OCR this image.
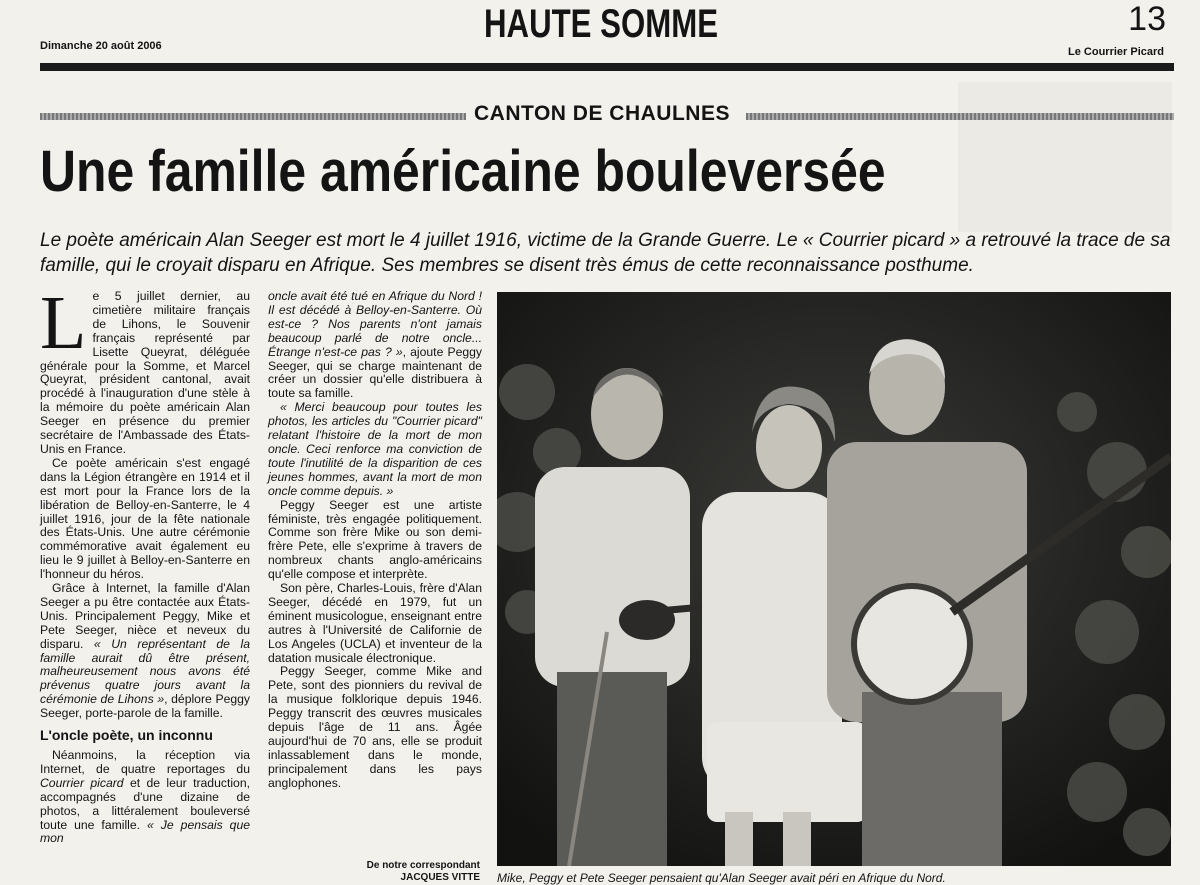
HAUTE SOMME	13
Dimanche 20 août 2006	Le Courrier Picard
CANTON DE CHAULNES
Une famille américaine bouleversée
Le poète américain Alan Seeger est mort le 4 juillet 1916, victime de la Grande Guerre. Le « Courrier picard » a retrouvé la trace de sa famille, qui le croyait disparu en Afrique. Ses membres se disent très émus de cette reconnaissance posthume.

Le 5 juillet dernier, au cimetière militaire français de Lihons, le Souvenir français représenté par Lisette Queyrat, déléguée générale pour la Somme, et Marcel Queyrat, président cantonal, avait procédé à l'inauguration d'une stèle à la mémoire du poète américain Alan Seeger en présence du premier secrétaire de l'Ambassade des États-Unis en France.

Ce poète américain s'est engagé dans la Légion étrangère en 1914 et il est mort pour la France lors de la libération de Belloy-en-Santerre, le 4 juillet 1916, jour de la fête nationale des États-Unis. Une autre cérémonie commémorative avait également eu lieu le 9 juillet à Belloy-en-Santerre en l'honneur du héros.

Grâce à Internet, la famille d'Alan Seeger a pu être contactée aux États-Unis. Principalement Peggy, Mike et Pete Seeger, nièce et neveux du disparu. « Un représentant de la famille aurait dû être présent, malheureusement nous avons été prévenus quatre jours avant la cérémonie de Lihons », déplore Peggy Seeger, porte-parole de la famille.

L'oncle poète, un inconnu

Néanmoins, la réception via Internet, de quatre reportages du Courrier picard et de leur traduction, accompagnés d'une dizaine de photos, a littéralement bouleversé toute une famille. « Je pensais que mon

oncle avait été tué en Afrique du Nord ! Il est décédé à Belloy-en-Santerre. Où est-ce ? Nos parents n'ont jamais beaucoup parlé de notre oncle... Étrange n'est-ce pas ? », ajoute Peggy Seeger, qui se charge maintenant de créer un dossier qu'elle distribuera à toute sa famille.

« Merci beaucoup pour toutes les photos, les articles du "Courrier picard" relatant l'histoire de la mort de mon oncle. Ceci renforce ma conviction de toute l'inutilité de la disparition de ces jeunes hommes, avant la mort de mon oncle comme depuis. »

Peggy Seeger est une artiste féministe, très engagée politiquement. Comme son frère Mike ou son demi-frère Pete, elle s'exprime à travers de nombreux chants anglo-américains qu'elle compose et interprète.

Son père, Charles-Louis, frère d'Alan Seeger, décédé en 1979, fut un éminent musicologue, enseignant entre autres à l'Université de Californie de Los Angeles (UCLA) et inventeur de la datation musicale électronique.

Peggy Seeger, comme Mike and Pete, sont des pionniers du revival de la musique folklorique depuis 1946. Peggy transcrit des œuvres musicales depuis l'âge de 11 ans. Âgée aujourd'hui de 70 ans, elle se produit inlassablement dans le monde, principalement dans les pays anglophones.

De notre correspondant
JACQUES VITTE Mike, Peggy et Pete Seeger pensaient qu'Alan Seeger avait péri en Afrique du Nord.
